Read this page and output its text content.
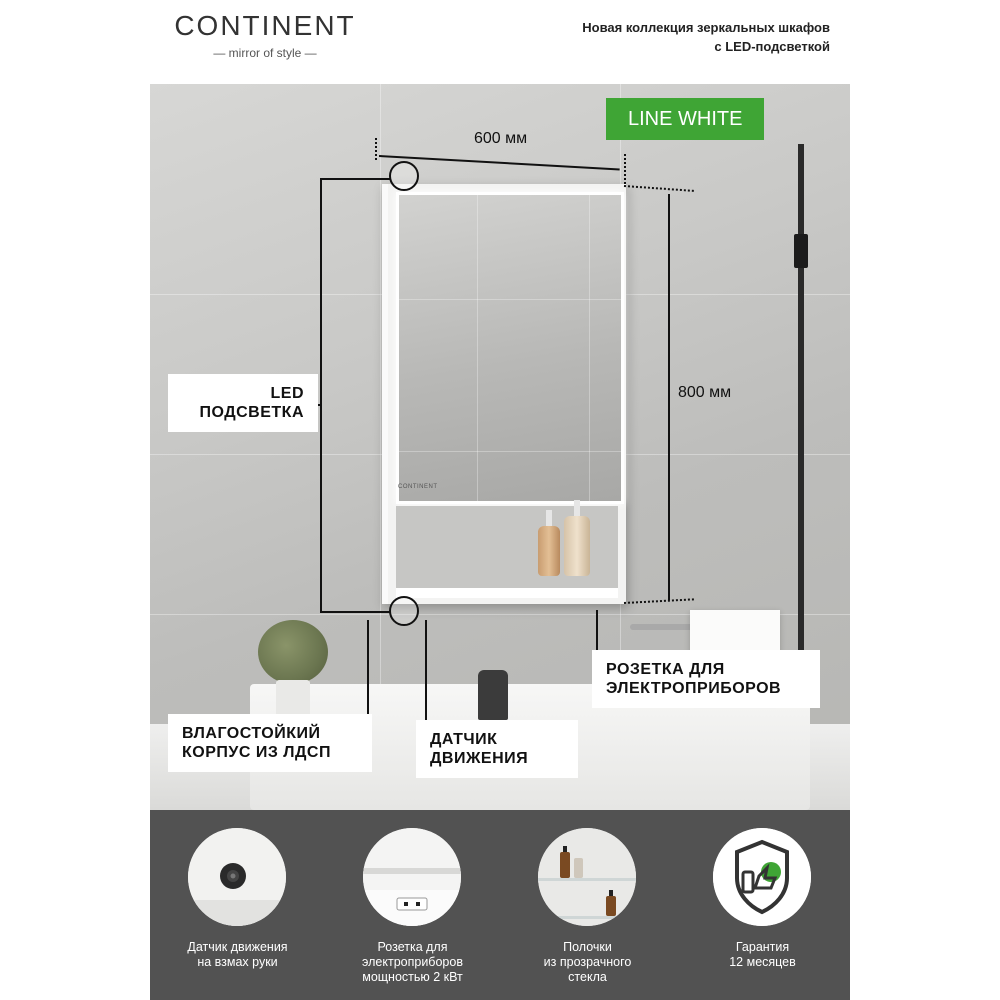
CONTINENT
— mirror of style —
Новая коллекция зеркальных шкафов
с LED-подсветкой
CONTINENT
LINE WHITE
600 мм
800 мм
LED
ПОДСВЕТКА
РОЗЕТКА ДЛЯ
ЭЛЕКТРОПРИБОРОВ
ВЛАГОСТОЙКИЙ
КОРПУС ИЗ ЛДСП
ДАТЧИК
ДВИЖЕНИЯ
Датчик движения
на взмах руки
Розетка для
электроприборов
мощностью 2 кВт
Полочки
из прозрачного
стекла
Гарантия
12 месяцев
